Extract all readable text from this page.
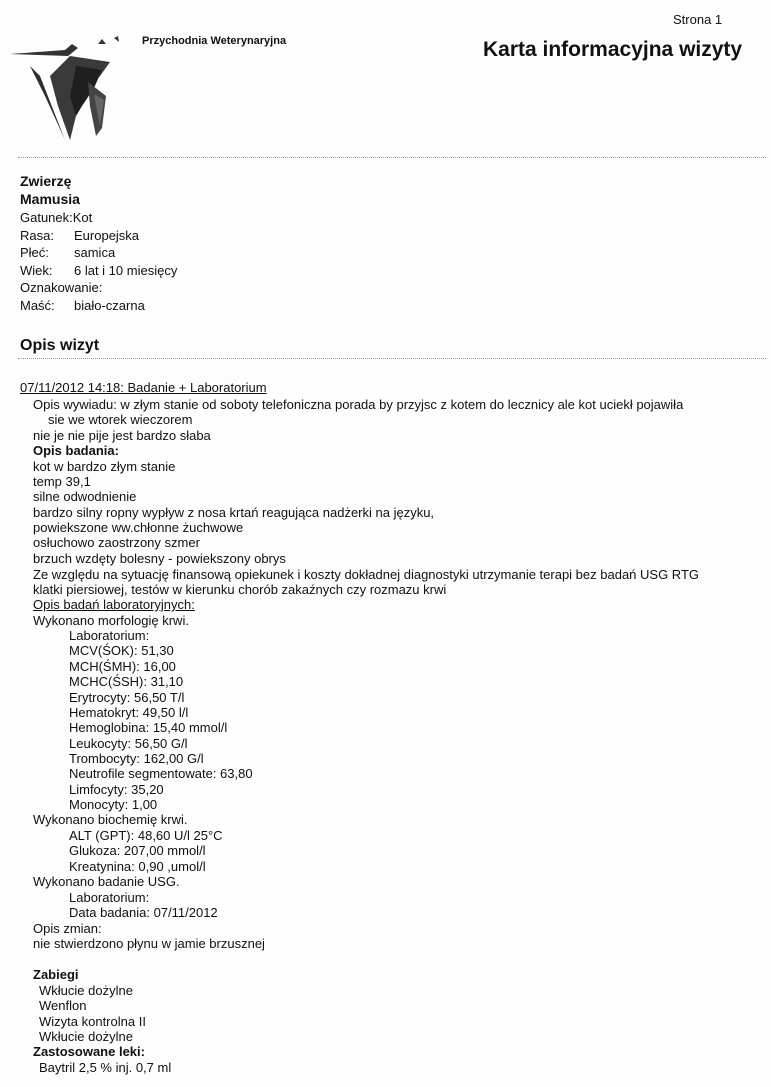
Strona 1
Przychodnia Weterynaryjna	Karta informacyjna wizyty
Zwierzę
Mamusia
Gatunek:Kot
Rasa: Europejska
Płeć: samica
Wiek: 6 lat i 10 miesięcy
Oznakowanie:
Maść: biało-czarna
Opis wizyt
07/11/2012 14:18: Badanie + Laboratorium
Opis wywiadu: w złym stanie od soboty telefoniczna porada by przyjsc z kotem do lecznicy ale kot uciekł pojawiła
sie we wtorek wieczorem
nie je nie pije jest bardzo słaba
Opis badania:
kot w bardzo złym stanie
temp 39,1
silne odwodnienie
bardzo silny ropny wypływ z nosa krtań reagująca nadżerki na języku,
powiekszone ww.chłonne żuchwowe
osłuchowo zaostrzony szmer
brzuch wzdęty bolesny - powiekszony obrys
Ze względu na sytuację finansową opiekunek i koszty dokładnej diagnostyki utrzymanie terapi bez badań USG RTG
klatki piersiowej, testów w kierunku chorób zakaźnych czy rozmazu krwi
Opis badań laboratoryjnych:
Wykonano morfologię krwi.
Laboratorium:
MCV(ŚOK): 51,30
MCH(ŚMH): 16,00
MCHC(ŚSH): 31,10
Erytrocyty: 56,50 T/l
Hematokryt: 49,50 l/l
Hemoglobina: 15,40 mmol/l
Leukocyty: 56,50 G/l
Trombocyty: 162,00 G/l
Neutrofile segmentowate: 63,80
Limfocyty: 35,20
Monocyty: 1,00
Wykonano biochemię krwi.
ALT (GPT): 48,60 U/l 25°C
Glukoza: 207,00 mmol/l
Kreatynina: 0,90 ,umol/l
Wykonano badanie USG.
Laboratorium:
Data badania: 07/11/2012
Opis zmian:
nie stwierdzono płynu w jamie brzusznej
Zabiegi
Wkłucie dożylne
Wenflon
Wizyta kontrolna II
Wkłucie dożylne
Zastosowane leki:
Baytril 2,5 % inj. 0,7 ml
